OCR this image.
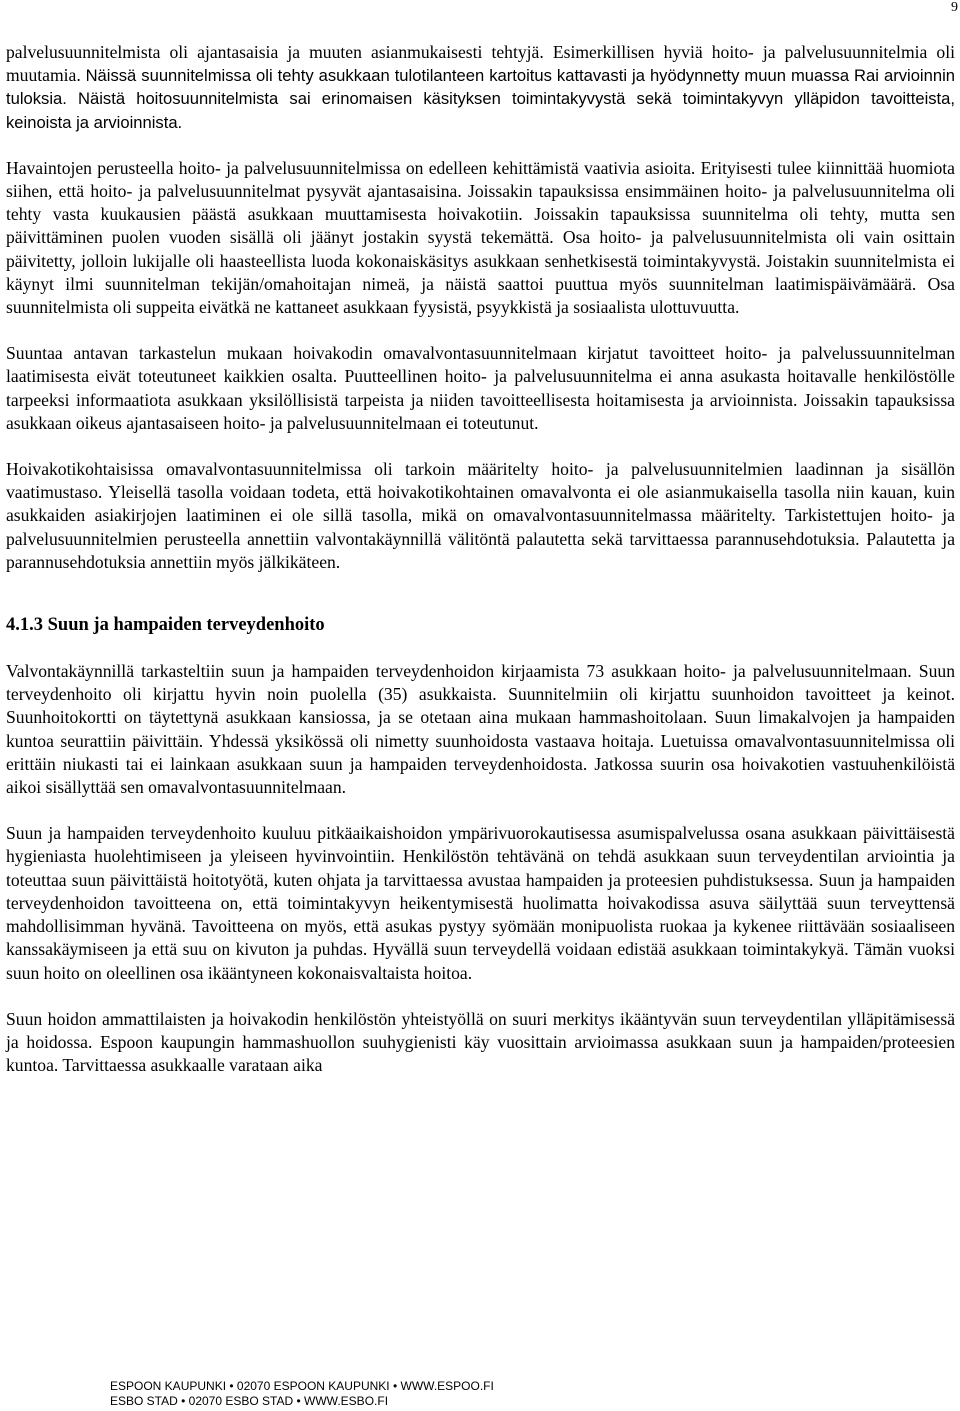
9

palvelusuunnitelmista oli ajantasaisia ja muuten asianmukaisesti tehtyjä. Esimerkillisen hyviä hoito- ja palvelusuunnitelmia oli muutamia. Näissä suunnitelmissa oli tehty asukkaan tulotilanteen kartoitus kattavasti ja hyödynnetty muun muassa Rai arvioinnin tuloksia. Näistä hoitosuunnitelmista sai erinomaisen käsityksen toimintakyvystä sekä toimintakyvyn ylläpidon tavoitteista, keinoista ja arvioinnista.

Havaintojen perusteella hoito- ja palvelusuunnitelmissa on edelleen kehittämistä vaativia asioita. Erityisesti tulee kiinnittää huomiota siihen, että hoito- ja palvelusuunnitelmat pysyvät ajantasaisina. Joissakin tapauksissa ensimmäinen hoito- ja palvelusuunnitelma oli tehty vasta kuukausien päästä asukkaan muuttamisesta hoivakotiin. Joissakin tapauksissa suunnitelma oli tehty, mutta sen päivittäminen puolen vuoden sisällä oli jäänyt jostakin syystä tekemättä. Osa hoito- ja palvelusuunnitelmista oli vain osittain päivitetty, jolloin lukijalle oli haasteellista luoda kokonaiskäsitys asukkaan senhetkisestä toimintakyvystä. Joistakin suunnitelmista ei käynyt ilmi suunnitelman tekijän/omahoitajan nimeä, ja näistä saattoi puuttua myös suunnitelman laatimispäivämäärä. Osa suunnitelmista oli suppeita eivätkä ne kattaneet asukkaan fyysistä, psyykkistä ja sosiaalista ulottuvuutta.

Suuntaa antavan tarkastelun mukaan hoivakodin omavalvontasuunnitelmaan kirjatut tavoitteet hoito- ja palvelussuunnitelman laatimisesta eivät toteutuneet kaikkien osalta. Puutteellinen hoito- ja palvelusuunnitelma ei anna asukasta hoitavalle henkilöstölle tarpeeksi informaatiota asukkaan yksilöllisistä tarpeista ja niiden tavoitteellisesta hoitamisesta ja arvioinnista. Joissakin tapauksissa asukkaan oikeus ajantasaiseen hoito- ja palvelusuunnitelmaan ei toteutunut.

Hoivakotikohtaisissa omavalvontasuunnitelmissa oli tarkoin määritelty hoito- ja palvelusuunnitelmien laadinnan ja sisällön vaatimustaso. Yleisellä tasolla voidaan todeta, että hoivakotikohtainen omavalvonta ei ole asianmukaisella tasolla niin kauan, kuin asukkaiden asiakirjojen laatiminen ei ole sillä tasolla, mikä on omavalvontasuunnitelmassa määritelty. Tarkistettujen hoito- ja palvelusuunnitelmien perusteella annettiin valvontakäynnillä välitöntä palautetta sekä tarvittaessa parannusehdotuksia. Palautetta ja parannusehdotuksia annettiin myös jälkikäteen.

4.1.3 Suun ja hampaiden terveydenhoito

Valvontakäynnillä tarkasteltiin suun ja hampaiden terveydenhoidon kirjaamista 73 asukkaan hoito- ja palvelusuunnitelmaan. Suun terveydenhoito oli kirjattu hyvin noin puolella (35) asukkaista. Suunnitelmiin oli kirjattu suunhoidon tavoitteet ja keinot. Suunhoitokortti on täytettynä asukkaan kansiossa, ja se otetaan aina mukaan hammashoitolaan. Suun limakalvojen ja hampaiden kuntoa seurattiin päivittäin. Yhdessä yksikössä oli nimetty suunhoidosta vastaava hoitaja. Luetuissa omavalvontasuunnitelmissa oli erittäin niukasti tai ei lainkaan asukkaan suun ja hampaiden terveydenhoidosta. Jatkossa suurin osa hoivakotien vastuuhenkilöistä aikoi sisällyttää sen omavalvontasuunnitelmaan.

Suun ja hampaiden terveydenhoito kuuluu pitkäaikaishoidon ympärivuorokautisessa asumispalvelussa osana asukkaan päivittäisestä hygieniasta huolehtimiseen ja yleiseen hyvinvointiin. Henkilöstön tehtävänä on tehdä asukkaan suun terveydentilan arviointia ja toteuttaa suun päivittäistä hoitotyötä, kuten ohjata ja tarvittaessa avustaa hampaiden ja proteesien puhdistuksessa. Suun ja hampaiden terveydenhoidon tavoitteena on, että toimintakyvyn heikentymisestä huolimatta hoivakodissa asuva säilyttää suun terveyttensä mahdollisimman hyvänä. Tavoitteena on myös, että asukas pystyy syömään monipuolista ruokaa ja kykenee riittävään sosiaaliseen kanssakäymiseen ja että suu on kivuton ja puhdas. Hyvällä suun terveydellä voidaan edistää asukkaan toimintakykyä. Tämän vuoksi suun hoito on oleellinen osa ikääntyneen kokonaisvaltaista hoitoa.

Suun hoidon ammattilaisten ja hoivakodin henkilöstön yhteistyöllä on suuri merkitys ikääntyvän suun terveydentilan ylläpitämisessä ja hoidossa. Espoon kaupungin hammashuollon suuhygienisti käy vuosittain arvioimassa asukkaan suun ja hampaiden/proteesien kuntoa. Tarvittaessa asukkaalle varataan aika

ESPOON KAUPUNKI • 02070 ESPOON KAUPUNKI • WWW.ESPOO.FI
ESBO STAD • 02070 ESBO STAD • WWW.ESBO.FI
